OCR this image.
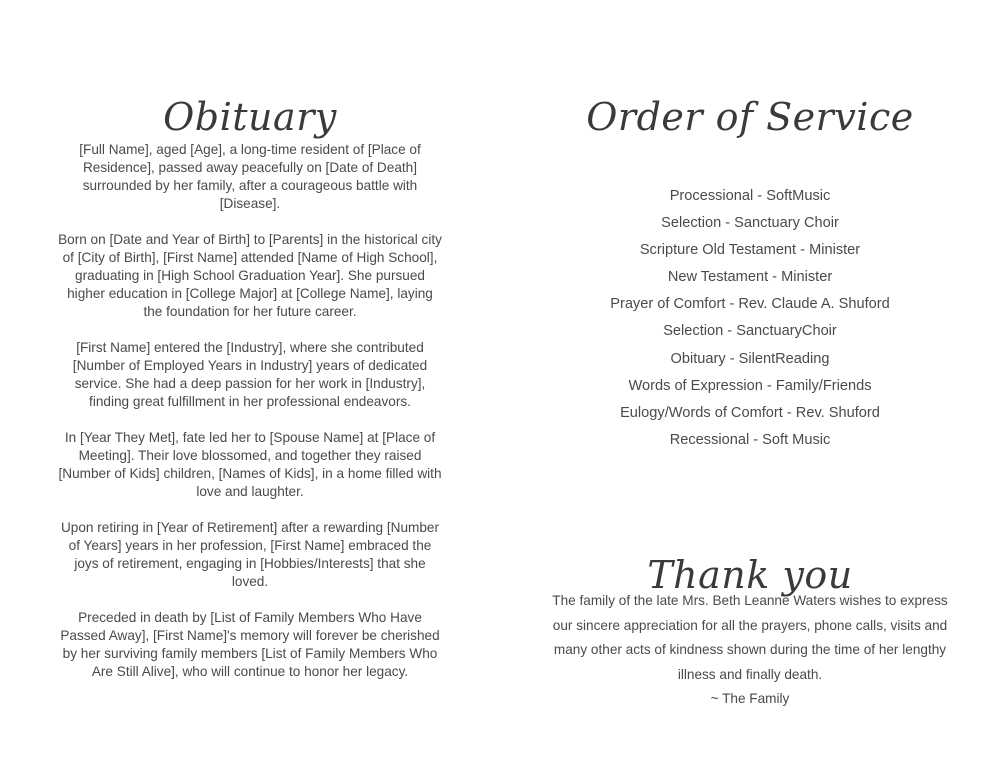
Obituary

[Full Name], aged [Age], a long-time resident of [Place of Residence], passed away peacefully on [Date of Death] surrounded by her family, after a courageous battle with [Disease].

Born on [Date and Year of Birth] to [Parents] in the historical city of [City of Birth], [First Name] attended [Name of High School], graduating in [High School Graduation Year]. She pursued higher education in [College Major] at [College Name], laying the foundation for her future career.

[First Name] entered the [Industry], where she contributed [Number of Employed Years in Industry] years of dedicated service. She had a deep passion for her work in [Industry], finding great fulfillment in her professional endeavors.

In [Year They Met], fate led her to [Spouse Name] at [Place of Meeting]. Their love blossomed, and together they raised [Number of Kids] children, [Names of Kids], in a home filled with love and laughter.

Upon retiring in [Year of Retirement] after a rewarding [Number of Years] years in her profession, [First Name] embraced the joys of retirement, engaging in [Hobbies/Interests] that she loved.

Preceded in death by [List of Family Members Who Have Passed Away], [First Name]'s memory will forever be cherished by her surviving family members [List of Family Members Who Are Still Alive], who will continue to honor her legacy.

Order of Service
Processional - SoftMusic
Selection - Sanctuary Choir
Scripture Old Testament - Minister
New Testament - Minister
Prayer of Comfort - Rev. Claude A. Shuford
Selection - SanctuaryChoir
Obituary - SilentReading
Words of Expression - Family/Friends
Eulogy/Words of Comfort - Rev. Shuford
Recessional - Soft Music
Thank you
The family of the late Mrs. Beth Leanne Waters wishes to express our sincere appreciation for all the prayers, phone calls, visits and many other acts of kindness shown during the time of her lengthy illness and finally death.
~ The Family
